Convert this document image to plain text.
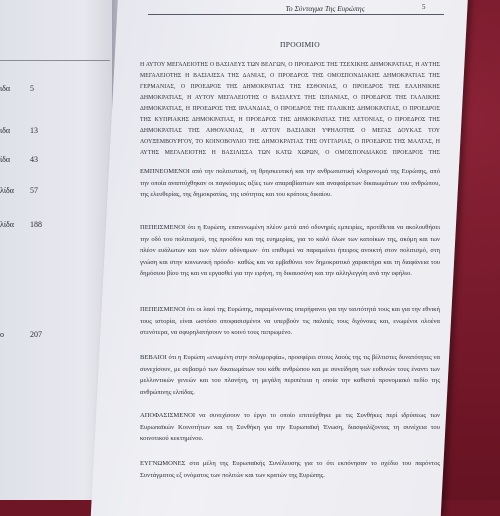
ιδα 5
ιδα 13
ίδα 43
λίδα 57
λίδα 188
ο	207
Το Σύνταγμα Της Ευρώπης	5
ΠΡΟΟΙΜΙΟ
Η ΑΥΤΟΥ ΜΕΓΑΛΕΙΟΤΗΣ Ο ΒΑΣΙΛΕΥΣ ΤΩΝ ΒΕΛΓΩΝ, Ο ΠΡΟΕΔΡΟΣ ΤΗΣ ΤΣΕΧΙΚΗΣ ΔΗΜΟΚΡΑΤΙΑΣ, Η ΑΥΤΗΣ ΜΕΓΑΛΕΙΟΤΗΣ Η ΒΑΣΙΛΙΣΣΑ ΤΗΣ ΔΑΝΙΑΣ, Ο ΠΡΟΕΔΡΟΣ ΤΗΣ ΟΜΟΣΠΟΝΔΙΑΚΗΣ ΔΗΜΟΚΡΑΤΙΑΣ ΤΗΣ ΓΕΡΜΑΝΙΑΣ, Ο ΠΡΟΕΔΡΟΣ ΤΗΣ ΔΗΜΟΚΡΑΤΙΑΣ ΤΗΣ ΕΣΘΟΝΙΑΣ, Ο ΠΡΟΕΔΡΟΣ ΤΗΣ ΕΛΛΗΝΙΚΗΣ ΔΗΜΟΚΡΑΤΙΑΣ, Η ΑΥΤΟΥ ΜΕΓΑΛΕΙΟΤΗΣ Ο ΒΑΣΙΛΕΥΣ ΤΗΣ ΙΣΠΑΝΙΑΣ, Ο ΠΡΟΕΔΡΟΣ ΤΗΣ ΓΑΛΛΙΚΗΣ ΔΗΜΟΚΡΑΤΙΑΣ, Η ΠΡΟΕΔΡΟΣ ΤΗΣ ΙΡΛΑΝΔΙΑΣ, Ο ΠΡΟΕΔΡΟΣ ΤΗΣ ΙΤΑΛΙΚΗΣ ΔΗΜΟΚΡΑΤΙΑΣ, Ο ΠΡΟΕΔΡΟΣ ΤΗΣ ΚΥΠΡΙΑΚΗΣ ΔΗΜΟΚΡΑΤΙΑΣ, Η ΠΡΟΕΔΡΟΣ ΤΗΣ ΔΗΜΟΚΡΑΤΙΑΣ ΤΗΣ ΛΕΤΟΝΙΑΣ, Ο ΠΡΟΕΔΡΟΣ ΤΗΣ ΔΗΜΟΚΡΑΤΙΑΣ ΤΗΣ ΛΙΘΟΥΑΝΙΑΣ, Η ΑΥΤΟΥ ΒΑΣΙΛΙΚΗ ΥΨΗΛΟΤΗΣ Ο ΜΕΓΑΣ ΔΟΥΚΑΣ ΤΟΥ ΛΟΥΞΕΜΒΟΥΡΓΟΥ, ΤΟ ΚΟΙΝΟΒΟΥΛΙΟ ΤΗΣ ΔΗΜΟΚΡΑΤΙΑΣ ΤΗΣ ΟΥΓΓΑΡΙΑΣ, Ο ΠΡΟΕΔΡΟΣ ΤΗΣ ΜΑΛΤΑΣ, Η ΑΥΤΗΣ ΜΕΓΑΛΕΙΟΤΗΣ Η ΒΑΣΙΛΙΣΣΑ ΤΩΝ ΚΑΤΩ ΧΩΡΩΝ, Ο ΟΜΟΣΠΟΝΔΙΑΚΟΣ ΠΡΟΕΔΡΟΣ ΤΗΣ
ΕΜΠΝΕΟΜΕΝΟΙ από την πολιτιστική, τη θρησκευτική και την ανθρωπιστική κληρονομιά της Ευρώπης, από την οποία αναπτύχθηκαν οι παγκόσμιες αξίες των απαραβίαστων και αναφαίρετων δικαιωμάτων του ανθρώπου, της ελευθερίας, της δημοκρατίας, της ισότητας και του κράτους δικαίου.
ΠΕΠΕΙΣΜΕΝΟΙ ότι η Ευρώπη, επανενωμένη πλέον μετά από οδυνηρές εμπειρίες, προτίθεται να ακολουθήσει την οδό του πολιτισμού, της προόδου και της ευημερίας, για το καλό όλων των κατοίκων της, ακόμη και των πλέον ευάλωτων και των πλέον αδύναμων· ότι επιθυμεί να παραμείνει ήπειρος ανοικτή στον πολιτισμό, στη γνώση και στην κοινωνική πρόοδο· καθώς και να εμβαθύνει τον δημοκρατικό χαρακτήρα και τη διαφάνεια του δημόσιου βίου της και να εργασθεί για την ειρήνη, τη δικαιοσύνη και την αλληλεγγύη ανά την υφήλιο.
ΠΕΠΕΙΣΜΕΝΟΙ ότι οι λαοί της Ευρώπης, παραμένοντας υπερήφανοι για την ταυτότητά τους και για την εθνική τους ιστορία, είναι ωστόσο αποφασισμένοι να υπερβούν τις παλαιές τους διχόνοιες και, ενωμένοι ολοένα στενότερα, να σφυρηλατήσουν το κοινό τους πεπρωμένο.
ΒΕΒΑΙΟΙ ότι η Ευρώπη «ενωμένη στην πολυμορφία», προσφέρει στους λαούς της τις βέλτιστες δυνατότητες να συνεχίσουν, με σεβασμό των δικαιωμάτων του κάθε ανθρώπου και με συνείδηση των ευθυνών τους έναντι των μελλοντικών γενεών και του πλανήτη, τη μεγάλη περιπέτεια η οποία την καθιστά προνομιακό πεδίο της ανθρώπινης ελπίδας.
ΑΠΟΦΑΣΙΣΜΕΝΟΙ να συνεχίσουν το έργο το οποίο επιτεύχθηκε με τις Συνθήκες περί ιδρύσεως των Ευρωπαϊκών Κοινοτήτων και τη Συνθήκη για την Ευρωπαϊκή Ένωση, διασφαλίζοντας τη συνέχεια του κοινοτικού κεκτημένου.
ΕΥΓΝΩΜΟΝΕΣ στα μέλη της Ευρωπαϊκής Συνέλευσης για το ότι εκπόνησαν το σχέδιο του παρόντος Συντάγματος εξ ονόματος των πολιτών και των κρατών της Ευρώπης.
